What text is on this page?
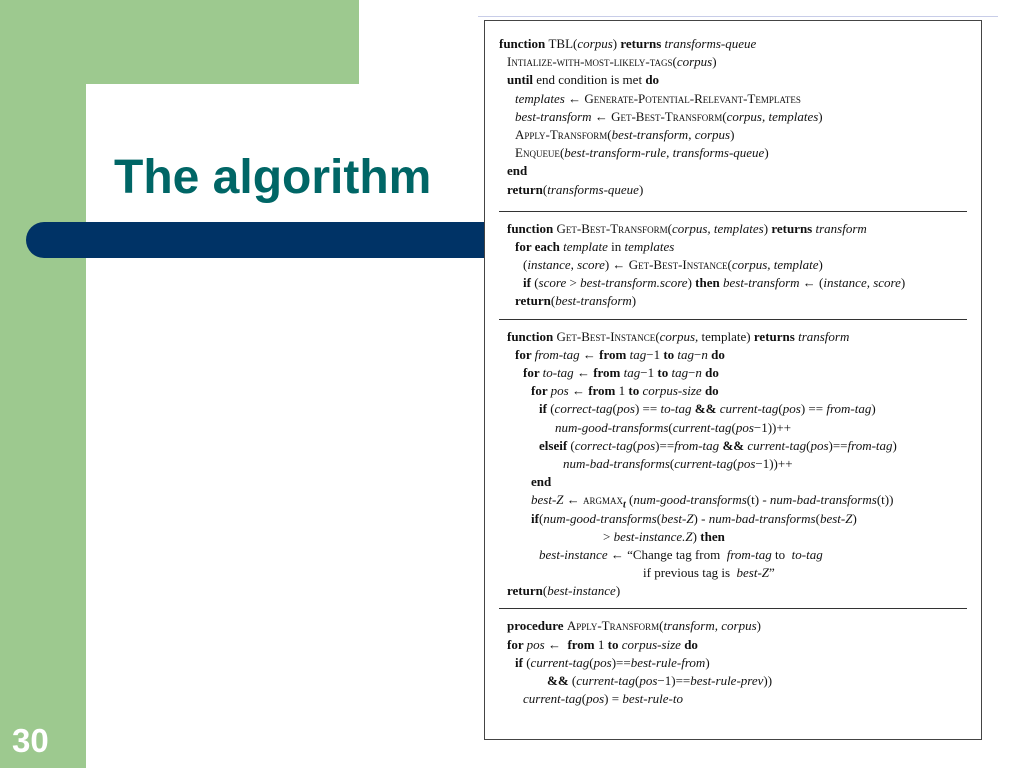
The algorithm
30
function TBL(corpus) returns transforms-queue
Intialize-with-most-likely-tags(corpus)
until end condition is met do
templates ← Generate-Potential-Relevant-Templates
best-transform ← Get-Best-Transform(corpus, templates)
Apply-Transform(best-transform, corpus)
Enqueue(best-transform-rule, transforms-queue)
end
return(transforms-queue)
function Get-Best-Transform(corpus, templates) returns transform
for each template in templates
(instance, score) ← Get-Best-Instance(corpus, template)
if (score > best-transform.score) then best-transform ← (instance, score)
return(best-transform)
function Get-Best-Instance(corpus, template) returns transform
for from-tag ← from tag−1 to tag−n do
for to-tag ← from tag−1 to tag−n do
for pos ← from 1 to corpus-size do
if (correct-tag(pos) == to-tag && current-tag(pos) == from-tag)
num-good-transforms(current-tag(pos−1))++
elseif (correct-tag(pos)==from-tag && current-tag(pos)==from-tag)
num-bad-transforms(current-tag(pos−1))++
end
best-Z ← argmax$_t$ (num-good-transforms(t) - num-bad-transforms(t))
if(num-good-transforms(best-Z) - num-bad-transforms(best-Z)
> best-instance.Z) then
best-instance ← “Change tag from  from-tag to  to-tag
if previous tag is  best-Z”
return(best-instance)
procedure Apply-Transform(transform, corpus)
for pos ←  from 1 to corpus-size do
if (current-tag(pos)==best-rule-from)
&& (current-tag(pos−1)==best-rule-prev))
current-tag(pos) = best-rule-to
